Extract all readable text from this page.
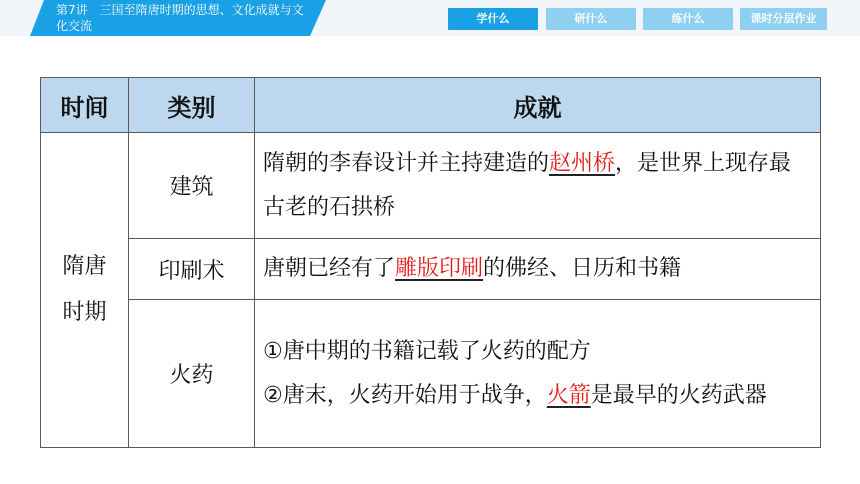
第7讲　三国至隋唐时期的思想、文化成就与文化交流
学什么	研什么	练什么	课时分层作业
时间	类别	成就

隋唐时期	建筑	隋朝的李春设计并主持建造的赵州桥，是世界上现存最古老的石拱桥
	印刷术	唐朝已经有了雕版印刷的佛经、日历和书籍
	火药	①唐中期的书籍记载了火药的配方
②唐末，火药开始用于战争，火箭是最早的火药武器
